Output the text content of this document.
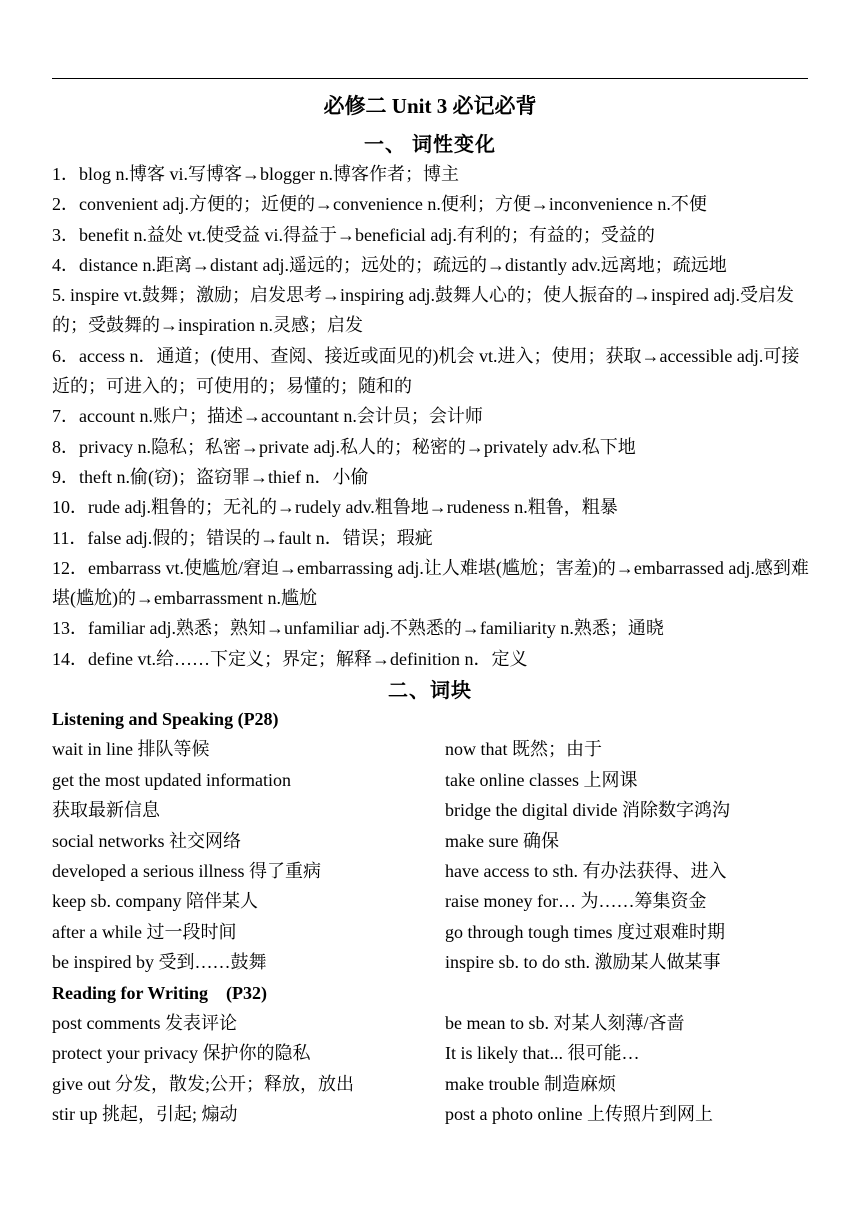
必修二 Unit 3 必记必背
一、 词性变化
1．blog n.博客 vi.写博客→blogger n.博客作者；博主
2．convenient adj.方便的；近便的→convenience n.便利；方便→inconvenience n.不便
3．benefit n.益处 vt.使受益 vi.得益于→beneficial adj.有利的；有益的；受益的
4．distance n.距离→distant adj.遥远的；远处的；疏远的→distantly adv.远离地；疏远地
5. inspire vt.鼓舞；激励；启发思考→inspiring adj.鼓舞人心的；使人振奋的→inspired adj.受启发的；受鼓舞的→inspiration n.灵感；启发
6．access n．通道；(使用、查阅、接近或面见的)机会 vt.进入；使用；获取→accessible adj.可接近的；可进入的；可使用的；易懂的；随和的
7．account n.账户；描述→accountant n.会计员；会计师
8．privacy n.隐私；私密→private adj.私人的；秘密的→privately adv.私下地
9．theft n.偷(窃)；盗窃罪→thief n．小偷
10．rude adj.粗鲁的；无礼的→rudely adv.粗鲁地→rudeness n.粗鲁，粗暴
11．false adj.假的；错误的→fault n．错误；瑕疵
12．embarrass vt.使尴尬/窘迫→embarrassing adj.让人难堪(尴尬；害羞)的→embarrassed adj.感到难堪(尴尬)的→embarrassment n.尴尬
13．familiar adj.熟悉；熟知→unfamiliar adj.不熟悉的→familiarity n.熟悉；通晓
14．define vt.给……下定义；界定；解释→definition n．定义
二、词块
Listening and Speaking (P28)
wait in line 排队等候	now that 既然；由于
get the most updated information	take online classes 上网课
获取最新信息	bridge the digital divide 消除数字鸿沟
social networks 社交网络	make sure 确保
developed a serious illness 得了重病	have access to sth. 有办法获得、进入
keep sb. company 陪伴某人	raise money for… 为……筹集资金
after a while 过一段时间	go through tough times 度过艰难时期
be inspired by 受到……鼓舞	inspire sb. to do sth. 激励某人做某事
Reading for Writing    (P32)
post comments 发表评论	be mean to sb. 对某人刻薄/吝啬
protect your privacy 保护你的隐私	It is likely that... 很可能…
give out 分发，散发;公开；释放，放出	make trouble 制造麻烦
stir up 挑起，引起; 煽动	post a photo online 上传照片到网上
